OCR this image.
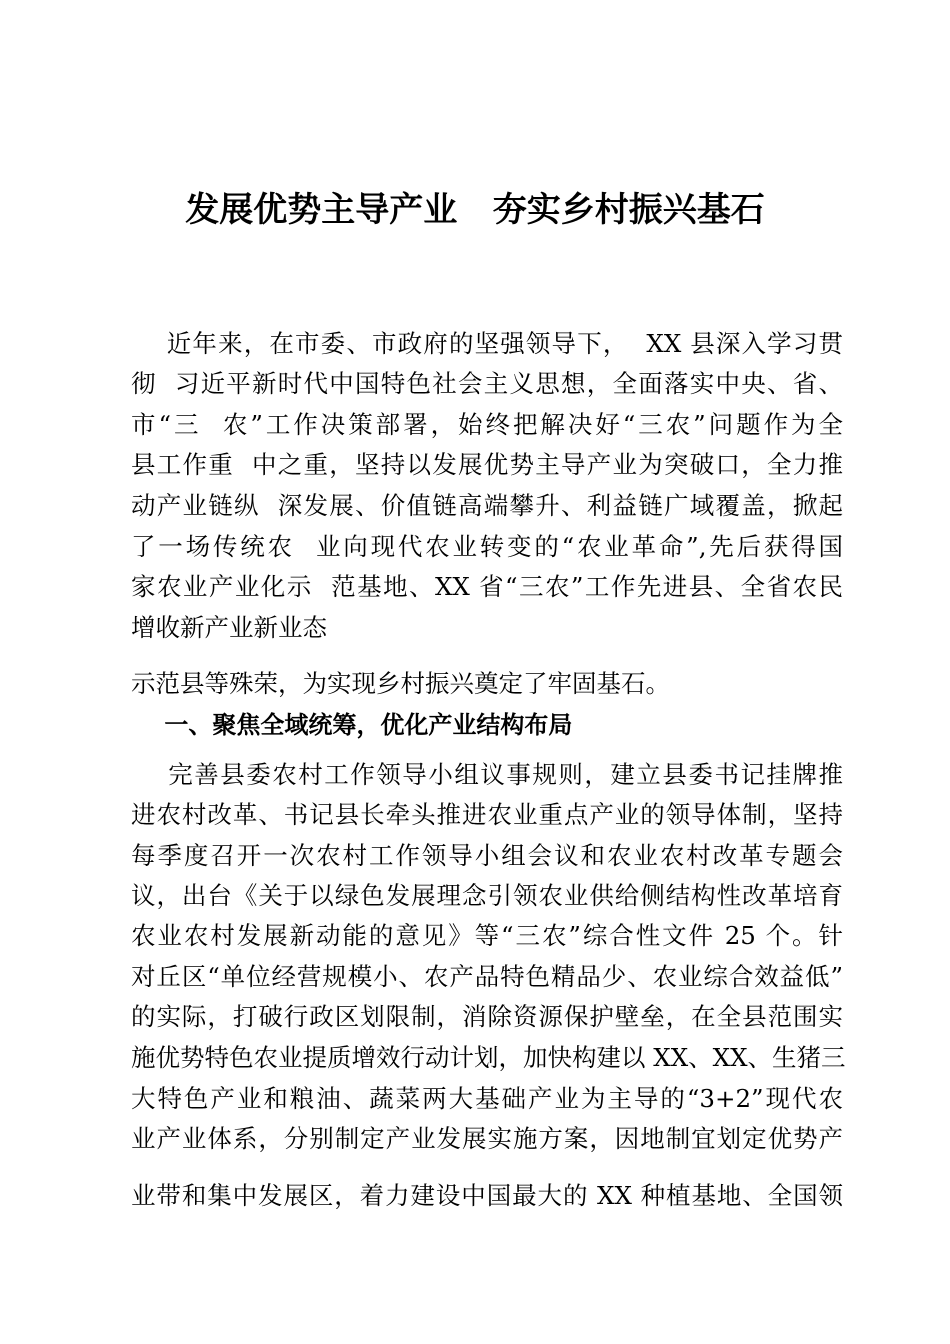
发展优势主导产业   夯实乡村振兴基石
近年来，在市委、市政府的坚强领导下，  XX 县深入学习贯
彻  习近平新时代中国特色社会主义思想，全面落实中央、省、
市“三  农”工作决策部署，始终把解决好“三农”问题作为全
县工作重  中之重，坚持以发展优势主导产业为突破口，全力推
动产业链纵  深发展、价值链高端攀升、利益链广域覆盖，掀起
了一场传统农  业向现代农业转变的“农业革命”,先后获得国
家农业产业化示  范基地、XX 省“三农”工作先进县、全省农民
增收新产业新业态
示范县等殊荣，为实现乡村振兴奠定了牢固基石。
一、聚焦全域统筹，优化产业结构布局
完善县委农村工作领导小组议事规则，建立县委书记挂牌推
进农村改革、书记县长牵头推进农业重点产业的领导体制，坚持
每季度召开一次农村工作领导小组会议和农业农村改革专题会
议，出台《关于以绿色发展理念引领农业供给侧结构性改革培育
农业农村发展新动能的意见》等“三农”综合性文件 25 个。针
对丘区“单位经营规模小、农产品特色精品少、农业综合效益低”
的实际，打破行政区划限制，消除资源保护壁垒，在全县范围实
施优势特色农业提质增效行动计划，加快构建以 XX、XX、生猪三
大特色产业和粮油、蔬菜两大基础产业为主导的“3+2”现代农
业产业体系，分别制定产业发展实施方案，因地制宜划定优势产
业带和集中发展区，着力建设中国最大的 XX 种植基地、全国领
